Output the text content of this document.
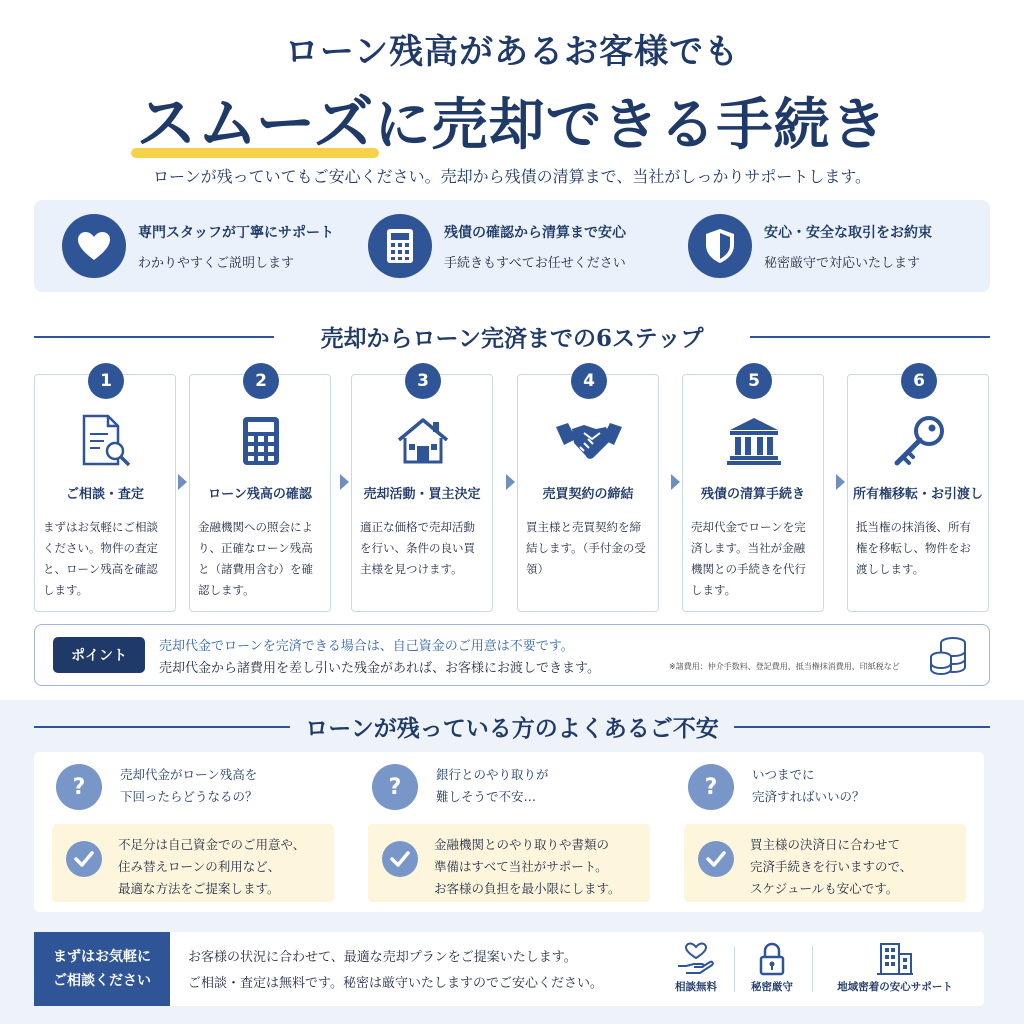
ローン残高があるお客様でも
スムーズに売却できる手続き
ローンが残っていてもご安心ください。売却から残債の清算まで、当社がしっかりサポートします。
専門スタッフが丁寧にサポート
わかりやすくご説明します
残債の確認から清算まで安心
手続きもすべてお任せください
安心・安全な取引をお約束
秘密厳守で対応いたします
売却からローン完済までの6ステップ
1
ご相談・査定
まずはお気軽にご相談ください。物件の査定と、ローン残高を確認します。
2
ローン残高の確認
金融機関への照会により、正確なローン残高と（諸費用含む）を確認します。
3
売却活動・買主決定
適正な価格で売却活動を行い、条件の良い買主様を見つけます。
4
売買契約の締結
買主様と売買契約を締結します。（手付金の受領）
5
残債の清算手続き
売却代金でローンを完済します。当社が金融機関との手続きを代行します。
6
所有権移転・お引渡し
抵当権の抹消後、所有権を移転し、物件をお渡しします。
ポイント
売却代金でローンを完済できる場合は、自己資金のご用意は不要です。
売却代金から諸費用を差し引いた残金があれば、お客様にお渡しできます。	※諸費用：仲介手数料、登記費用、抵当権抹消費用、印紙税など
ローンが残っている方のよくあるご不安
?	売却代金がローン残高を
下回ったらどうなるの？
不足分は自己資金でのご用意や、
住み替えローンの利用など、
最適な方法をご提案します。
?	銀行とのやり取りが
難しそうで不安…
金融機関とのやり取りや書類の
準備はすべて当社がサポート。
お客様の負担を最小限にします。
?	いつまでに
完済すればいいの？
買主様の決済日に合わせて
完済手続きを行いますので、
スケジュールも安心です。
まずはお気軽に
ご相談ください
お客様の状況に合わせて、最適な売却プランをご提案いたします。
ご相談・査定は無料です。秘密は厳守いたしますのでご安心ください。	相談無料	秘密厳守	地域密着の安心サポート
